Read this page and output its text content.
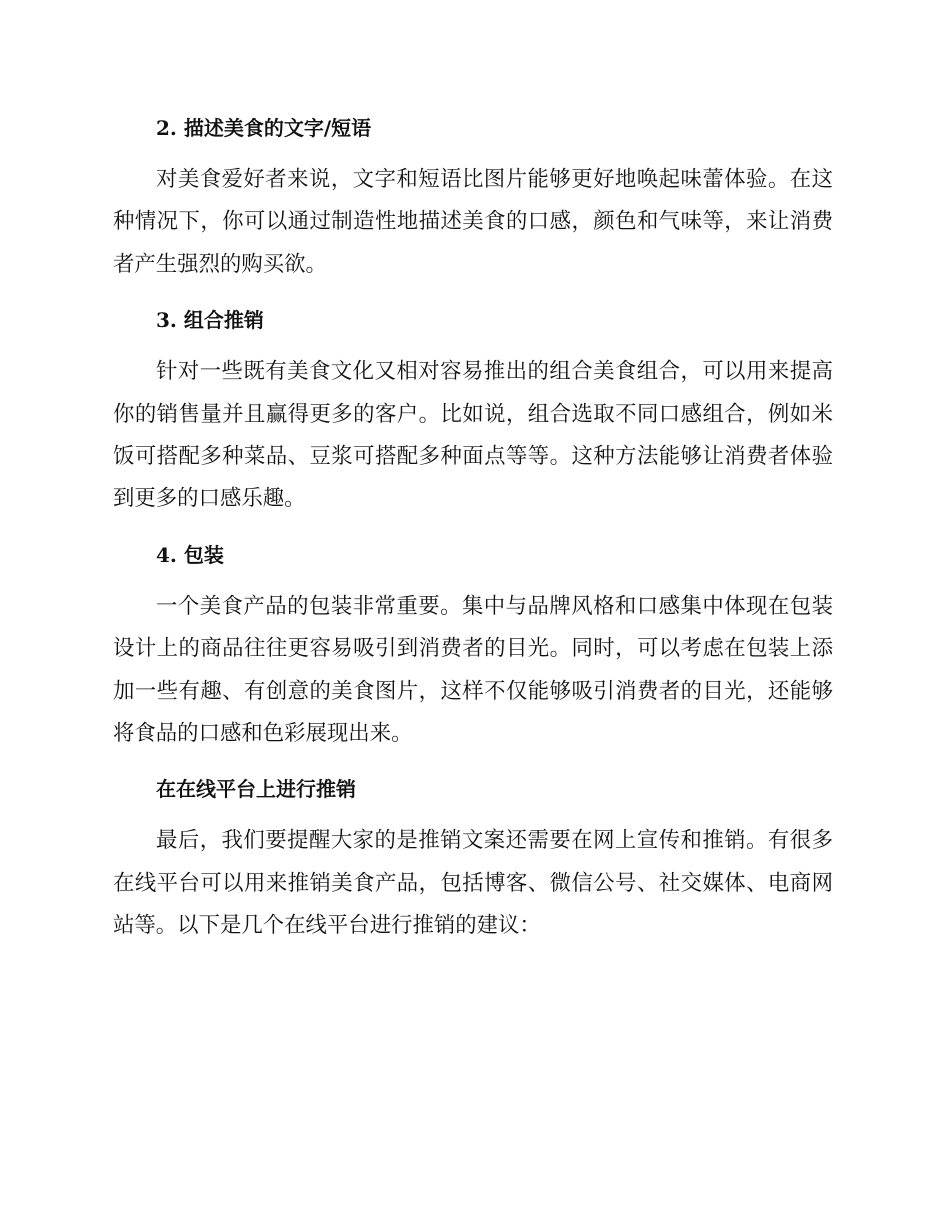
2. 描述美食的文字/短语

对美食爱好者来说，文字和短语比图片能够更好地唤起味蕾体验。在这种情况下，你可以通过制造性地描述美食的口感，颜色和气味等，来让消费者产生强烈的购买欲。

3. 组合推销

针对一些既有美食文化又相对容易推出的组合美食组合，可以用来提高你的销售量并且赢得更多的客户。比如说，组合选取不同口感组合，例如米饭可搭配多种菜品、豆浆可搭配多种面点等等。这种方法能够让消费者体验到更多的口感乐趣。

4. 包装

一个美食产品的包装非常重要。集中与品牌风格和口感集中体现在包装设计上的商品往往更容易吸引到消费者的目光。同时，可以考虑在包装上添加一些有趣、有创意的美食图片，这样不仅能够吸引消费者的目光，还能够将食品的口感和色彩展现出来。

在在线平台上进行推销

最后，我们要提醒大家的是推销文案还需要在网上宣传和推销。有很多在线平台可以用来推销美食产品，包括博客、微信公号、社交媒体、电商网站等。以下是几个在线平台进行推销的建议：
